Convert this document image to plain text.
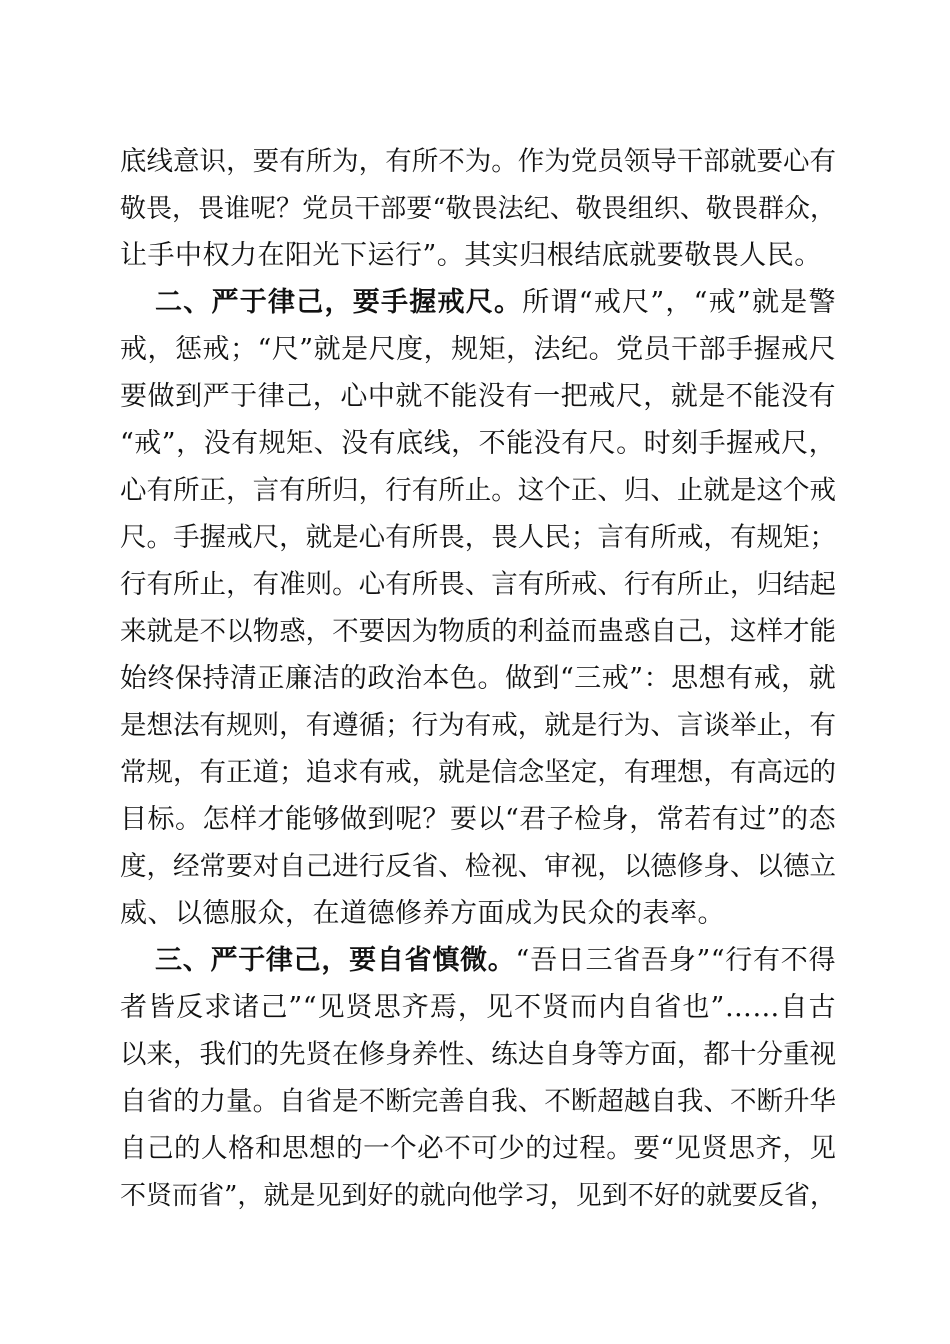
底线意识，要有所为，有所不为。作为党员领导干部就要心有
敬畏，畏谁呢？党员干部要“敬畏法纪、敬畏组织、敬畏群众，
让手中权力在阳光下运行”。其实归根结底就要敬畏人民。
二、严于律己，要手握戒尺。所谓“戒尺”，“戒”就是警
戒，惩戒；“尺”就是尺度，规矩，法纪。党员干部手握戒尺
要做到严于律己，心中就不能没有一把戒尺，就是不能没有
“戒”，没有规矩、没有底线，不能没有尺。时刻手握戒尺，
心有所正，言有所归，行有所止。这个正、归、止就是这个戒
尺。手握戒尺，就是心有所畏，畏人民；言有所戒，有规矩；
行有所止，有准则。心有所畏、言有所戒、行有所止，归结起
来就是不以物惑，不要因为物质的利益而蛊惑自己，这样才能
始终保持清正廉洁的政治本色。做到“三戒”：思想有戒，就
是想法有规则，有遵循；行为有戒，就是行为、言谈举止，有
常规，有正道；追求有戒，就是信念坚定，有理想，有高远的
目标。怎样才能够做到呢？要以“君子检身，常若有过”的态
度，经常要对自己进行反省、检视、审视，以德修身、以德立
威、以德服众，在道德修养方面成为民众的表率。
三、严于律己，要自省慎微。“吾日三省吾身”“行有不得
者皆反求诸己”“见贤思齐焉，见不贤而内自省也”……自古
以来，我们的先贤在修身养性、练达自身等方面，都十分重视
自省的力量。自省是不断完善自我、不断超越自我、不断升华
自己的人格和思想的一个必不可少的过程。要“见贤思齐，见
不贤而省”，就是见到好的就向他学习，见到不好的就要反省，
